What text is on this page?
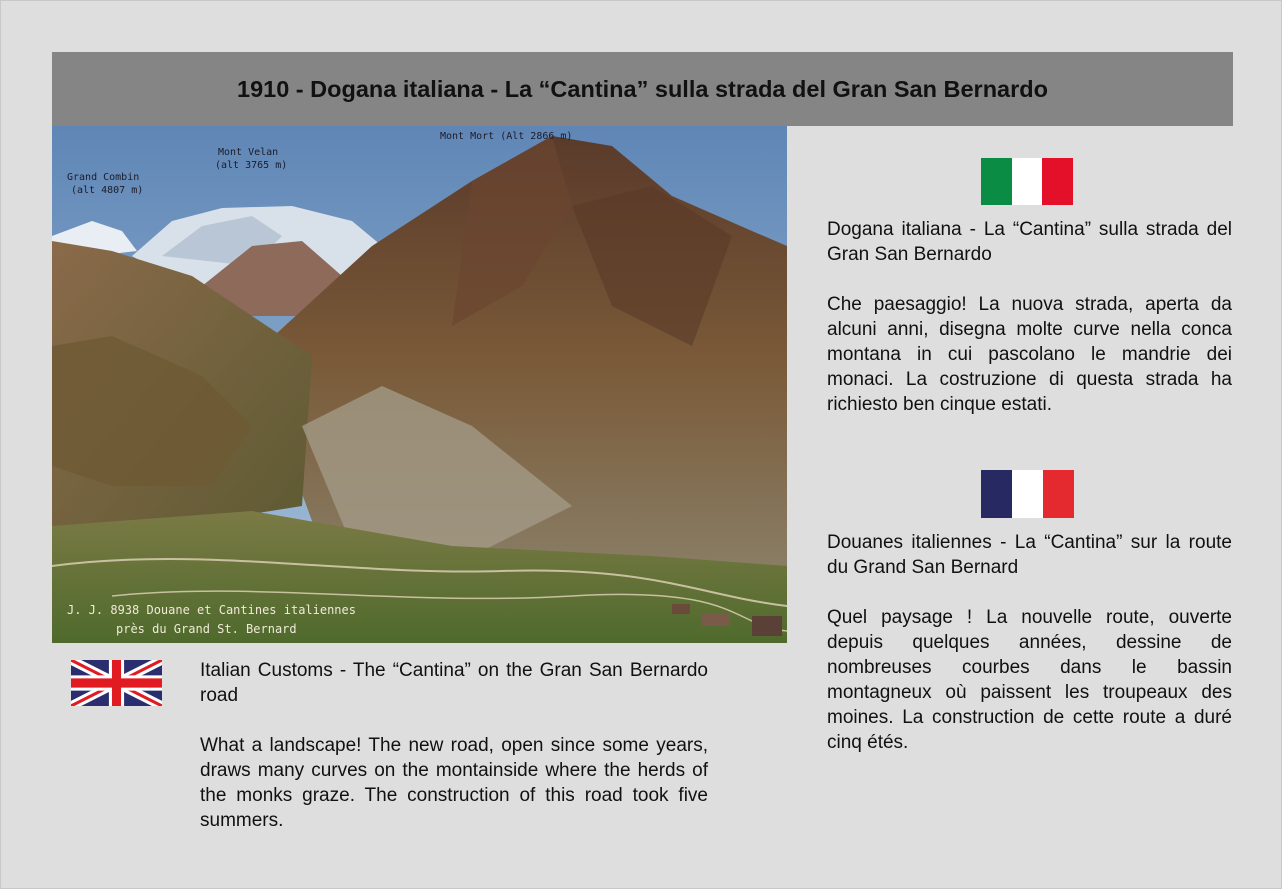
1910 - Dogana italiana - La “Cantina” sulla strada del Gran San Bernardo
Grand Combin
(alt 4807 m)
Mont Velan
(alt 3765 m)
Mont Mort (Alt 2866 m)
J. J. 8938 Douane et Cantines italiennes
près du Grand St. Bernard

Dogana italiana - La “Cantina” sulla strada del Gran San Bernardo

Che paesaggio! La nuova strada, aperta da alcuni anni, disegna molte curve nella conca montana in cui pascolano le mandrie dei monaci. La costruzione di questa strada ha richiesto ben cinque estati.

Douanes italiennes - La “Cantina” sur la route du Grand San Bernard

Quel paysage ! La nouvelle route, ouverte depuis quelques années, dessine de nombreuses courbes dans le bassin montagneux où paissent les troupeaux des moines. La construction de cette route a duré cinq étés.

Italian Customs - The “Cantina” on the Gran San Bernardo road

What a landscape! The new road, open since some years, draws many curves on the montainside where the herds of the monks graze. The construction of this road took five summers.
